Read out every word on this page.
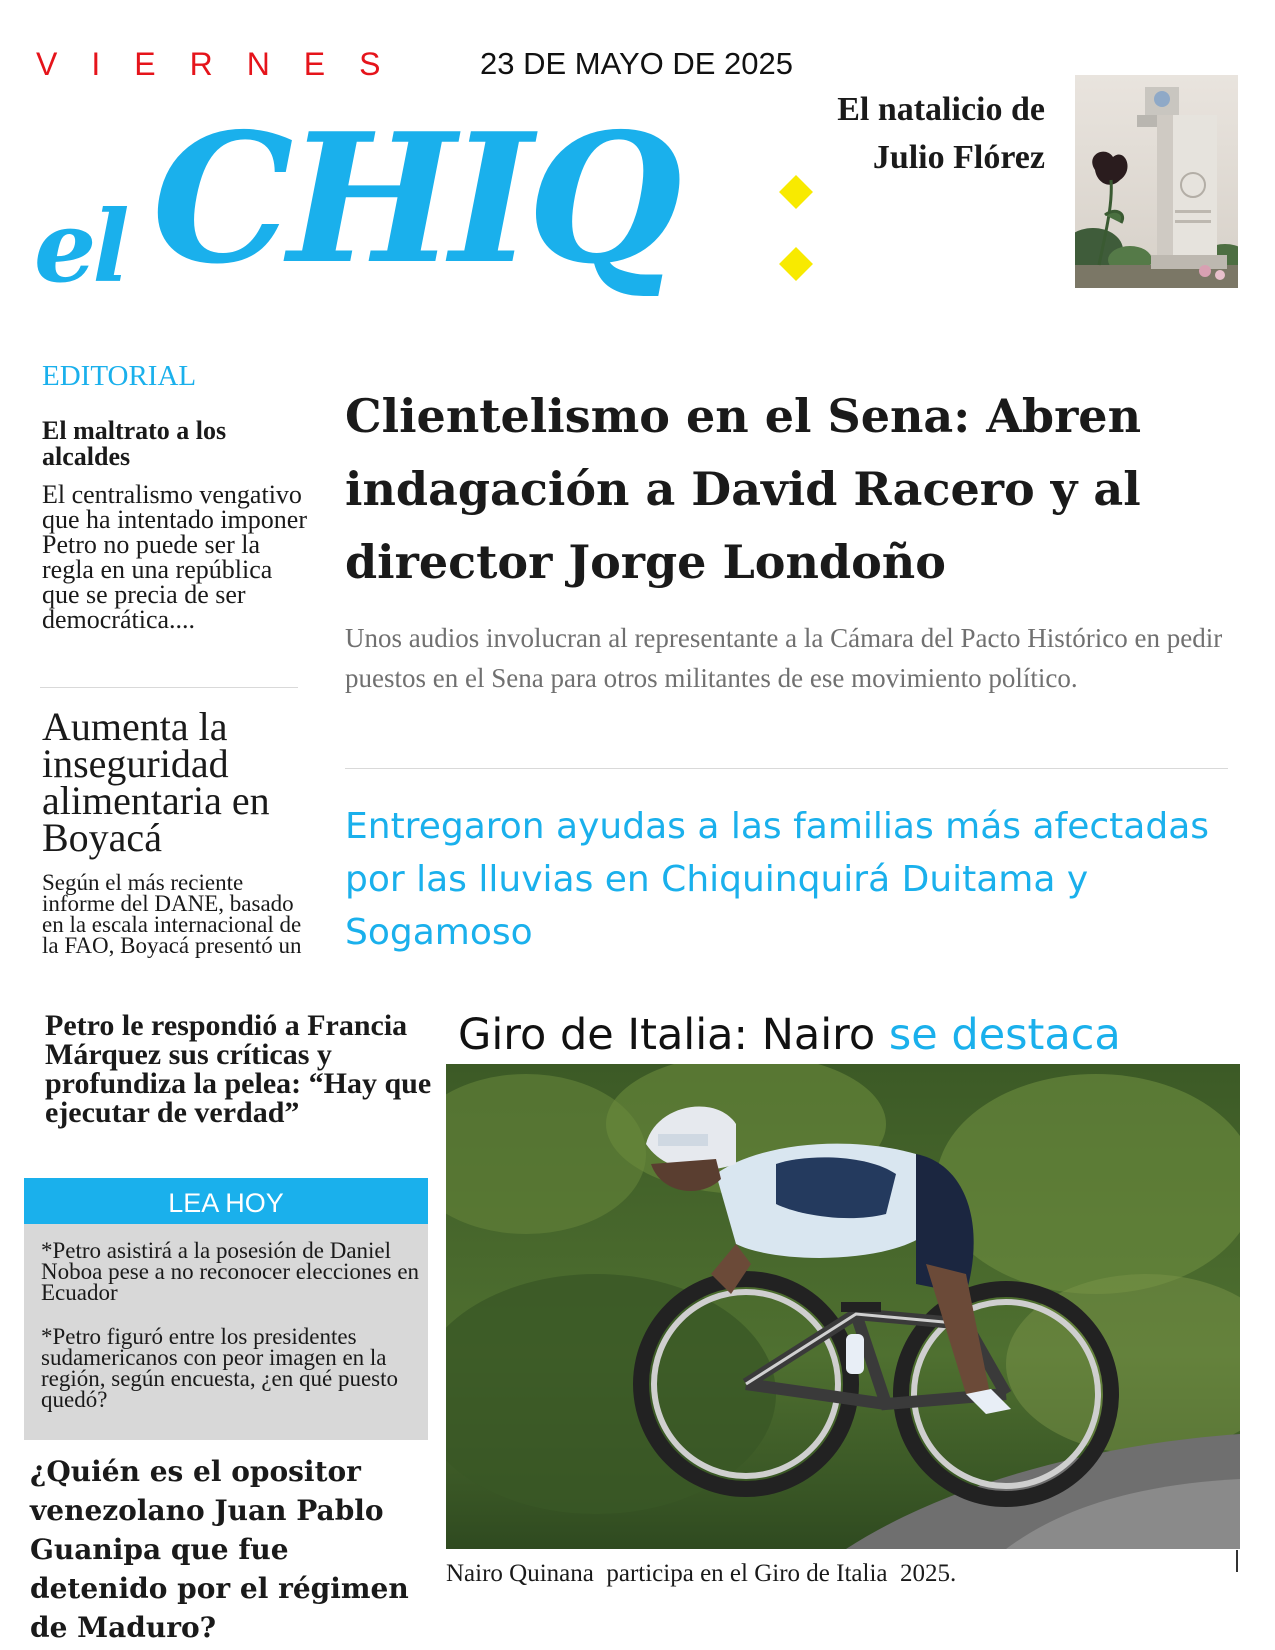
VIERNES 23 DE MAYO DE 2025
el CHIQ	El natalicio de Julio Flórez
EDITORIAL
El maltrato a los alcaldes
El centralismo vengativo que ha intentado imponer Petro no puede ser la regla en una república que se precia de ser democrática....
Aumenta la inseguridad alimentaria en Boyacá
Según el más reciente informe del DANE, basado en la escala internacional de la FAO, Boyacá presentó un
Clientelismo en el Sena: Abren indagación a David Racero y al director Jorge Londoño
Unos audios involucran al representante a la Cámara del Pacto Histórico en pedir puestos en el Sena para otros militantes de ese movimiento político.
Entregaron ayudas a las familias más afectadas por las lluvias en Chiquinquirá Duitama y Sogamoso
Petro le respondió a Francia Márquez sus críticas y profundiza la pelea: “Hay que ejecutar de verdad”
LEA HOY
*Petro asistirá a la posesión de Daniel Noboa pese a no reconocer elecciones en Ecuador
*Petro figuró entre los presidentes sudamericanos con peor imagen en la región, según encuesta, ¿en qué puesto quedó?
¿Quién es el opositor venezolano Juan Pablo Guanipa que fue detenido por el régimen de Maduro?
Giro de Italia: Nairo se destaca
Nairo Quinana  participa en el Giro de Italia  2025.
